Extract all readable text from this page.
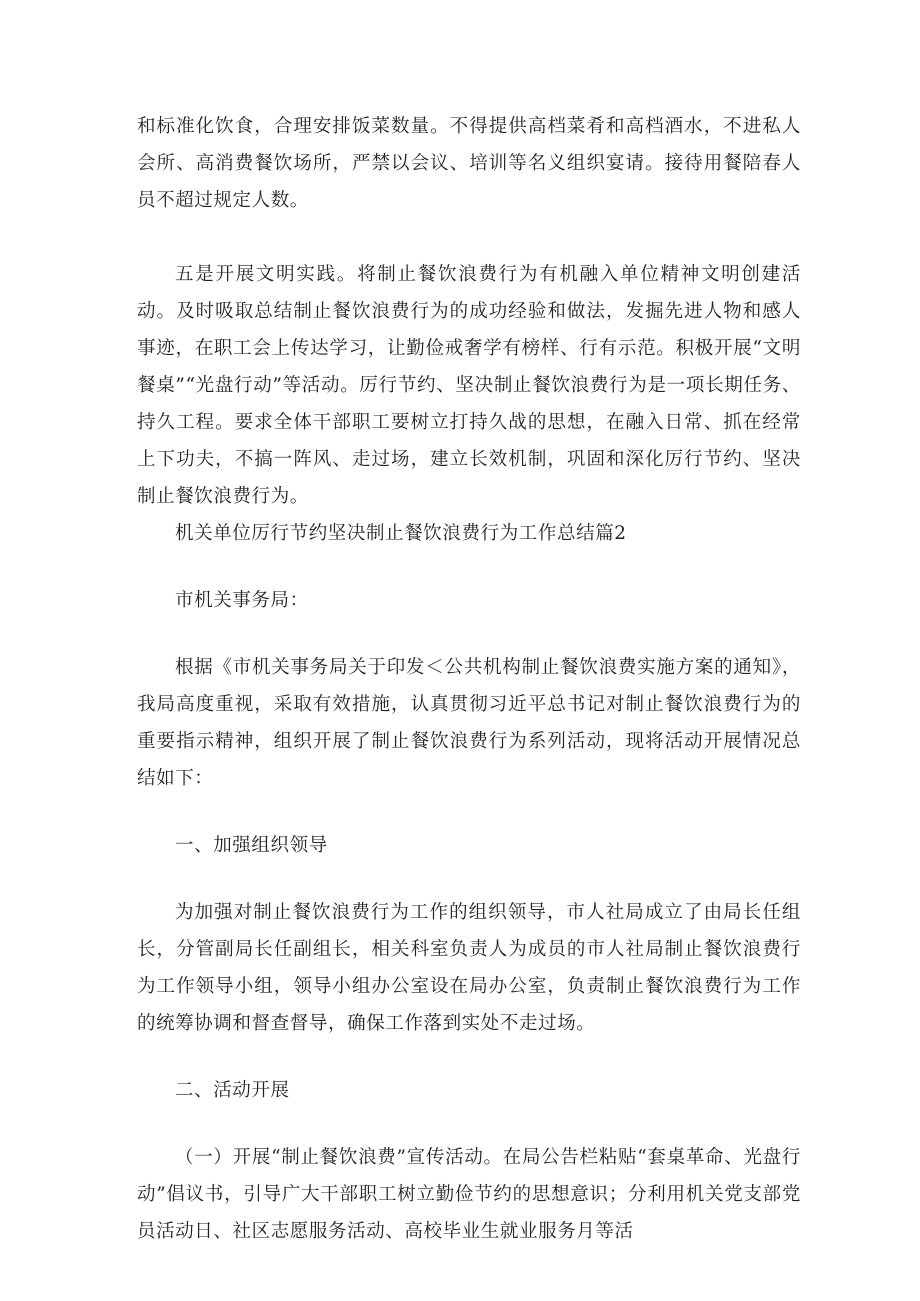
和标准化饮食，合理安排饭菜数量。不得提供高档菜肴和高档酒水，不进私人会所、高消费餐饮场所，严禁以会议、培训等名义组织宴请。接待用餐陪春人员不超过规定人数。

五是开展文明实践。将制止餐饮浪费行为有机融入单位精神文明创建活动。及时吸取总结制止餐饮浪费行为的成功经验和做法，发掘先进人物和感人事迹，在职工会上传达学习，让勤俭戒奢学有榜样、行有示范。积极开展“文明餐桌”“光盘行动”等活动。厉行节约、坚决制止餐饮浪费行为是一项长期任务、持久工程。要求全体干部职工要树立打持久战的思想，在融入日常、抓在经常上下功夫，不搞一阵风、走过场，建立长效机制，巩固和深化厉行节约、坚决制止餐饮浪费行为。

机关单位厉行节约坚决制止餐饮浪费行为工作总结篇2

市机关事务局：

根据《市机关事务局关于印发＜公共机构制止餐饮浪费实施方案的通知》，我局高度重视，采取有效措施，认真贯彻习近平总书记对制止餐饮浪费行为的重要指示精神，组织开展了制止餐饮浪费行为系列活动，现将活动开展情况总结如下：

一、加强组织领导

为加强对制止餐饮浪费行为工作的组织领导，市人社局成立了由局长任组长，分管副局长任副组长，相关科室负责人为成员的市人社局制止餐饮浪费行为工作领导小组，领导小组办公室设在局办公室，负责制止餐饮浪费行为工作的统筹协调和督查督导，确保工作落到实处不走过场。

二、活动开展

（一）开展“制止餐饮浪费”宣传活动。在局公告栏粘贴“套桌革命、光盘行动”倡议书，引导广大干部职工树立勤俭节约的思想意识；分利用机关党支部党员活动日、社区志愿服务活动、高校毕业生就业服务月等活
